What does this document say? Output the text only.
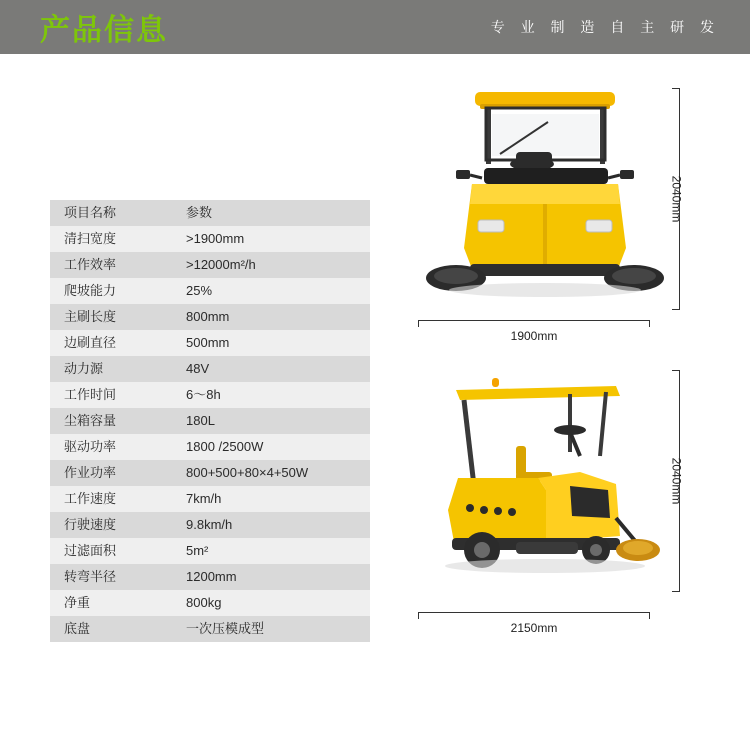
产品信息	专 业 制 造 自 主 研 发
项目名称	参数
清扫宽度	>1900mm
工作效率	>12000m²/h
爬坡能力	25%
主刷长度	800mm
边刷直径	500mm
动力源	48V
工作时间	6～8h
尘箱容量	180L
驱动功率	1800 /2500W
作业功率	800+500+80×4+50W
工作速度	7km/h
行驶速度	9.8km/h
过滤面积	5m²
转弯半径	1200mm
净重	800kg
底盘	一次压模成型
2040mm
1900mm
2040mm
2150mm
